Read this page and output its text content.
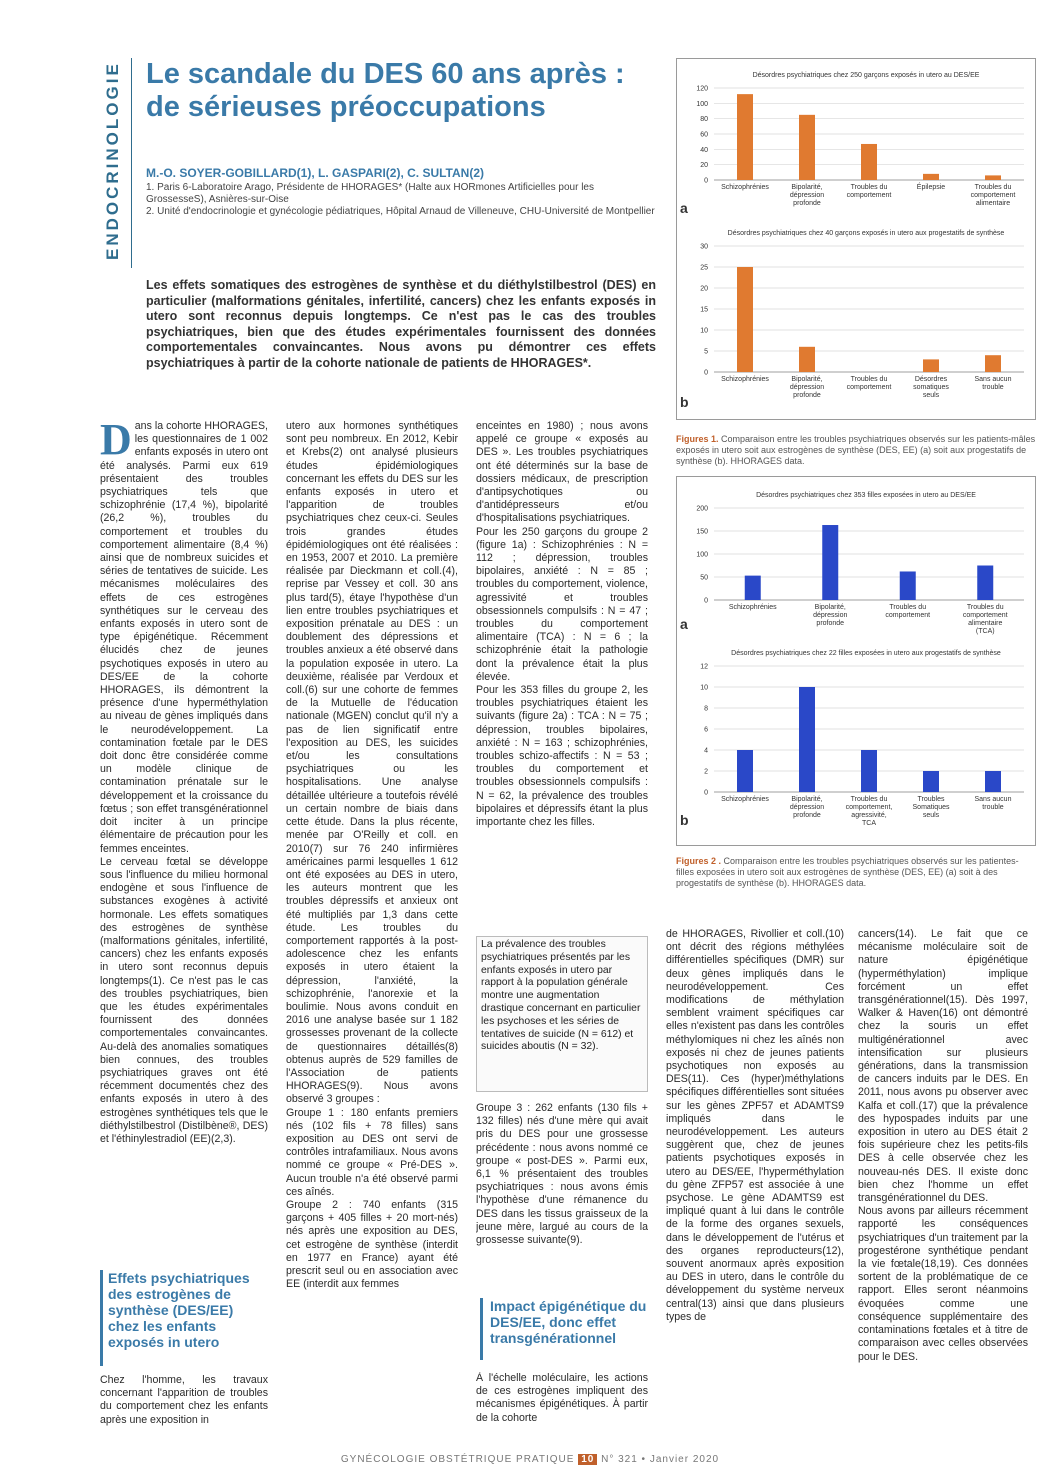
ENDOCRINOLOGIE Le scandale du DES 60 ans après : de sérieuses préoccupations
M.-O. SOYER-GOBILLARD(1), L. GASPARI(2), C. SULTAN(2)
1. Paris 6-Laboratoire Arago, Présidente de HHORAGES* (Halte aux HORmones Artificielles pour les GrossesseS), Asnières-sur-Oise
2. Unité d'endocrinologie et gynécologie pédiatriques, Hôpital Arnaud de Villeneuve, CHU-Université de Montpellier

Les effets somatiques des estrogènes de synthèse et du diéthylstilbestrol (DES) en particulier (malformations génitales, infertilité, cancers) chez les enfants exposés in utero sont reconnus depuis longtemps. Ce n'est pas le cas des troubles psychiatriques, bien que des études expérimentales fournissent des données comportementales convaincantes. Nous avons pu démontrer ces effets psychiatriques à partir de la cohorte nationale de patients de HHORAGES*.

Désordres psychiatriques chez 250 garçons exposés in utero au DES/EE
120
100
80
60
40
20
0
Schizophrénies	Bipolarité, dépression profonde
Troubles du comportement
Épilepsie	Troubles du comportement alimentaire
a
Désordres psychiatriques chez 40 garçons exposés in utero aux progestatifs de synthèse
30
25
20
15
10
5
0
Schizophrénies	Bipolarité, dépression profonde
Troubles du comportement
Désordres somatiques seuls
Sans aucun trouble
b
Figures 1. Comparaison entre les troubles psychiatriques observés sur les patients-mâles exposés in utero soit aux estrogènes de synthèse (DES, EE) (a) soit aux progestatifs de synthèse (b). HHORAGES data.
Désordres psychiatriques chez 353 filles exposées in utero au DES/EE
200
150
100
50
0
Schizophrénies	Bipolarité, dépression profonde
Troubles du comportement
Troubles du comportement alimentaire (TCA)
a
Désordres psychiatriques chez 22 filles exposées in utero aux progestatifs de synthèse
12
10
8
6
4
2
0
Schizophrénies	Bipolarité, dépression profonde
Troubles du comportement, agressivité, TCA
Troubles Somatiques seuls
Sans aucun trouble
b
Figures 2 . Comparaison entre les troubles psychiatriques observés sur les patientes-filles exposées in utero soit aux estrogènes de synthèse (DES, EE) (a) soit à des progestatifs de synthèse (b). HHORAGES data.
D ans la cohorte HHORAGES, les questionnaires de 1 002 enfants exposés in utero ont été analysés. Parmi eux 619 présentaient des troubles psychiatriques tels que schizophrénie (17,4 %), bipolarité (26,2 %), troubles du comportement et troubles du comportement alimentaire (8,4 %) ainsi que de nombreux suicides et séries de tentatives de suicide. Les mécanismes moléculaires des effets de ces estrogènes synthétiques sur le cerveau des enfants exposés in utero sont de type épigénétique. Récemment élucidés chez de jeunes psychotiques exposés in utero au DES/EE de la cohorte HHORAGES, ils démontrent la présence d'une hyperméthylation au niveau de gènes impliqués dans le neurodéveloppement. La contamination fœtale par le DES doit donc être considérée comme un modèle clinique de contamination prénatale sur le développement et la croissance du fœtus ; son effet transgénérationnel doit inciter à un principe élémentaire de précaution pour les femmes enceintes.

Le cerveau fœtal se développe sous l'influence du milieu hormonal endogène et sous l'influence de substances exogènes à activité hormonale. Les effets somatiques des estrogènes de synthèse (malformations génitales, infertilité, cancers) chez les enfants exposés in utero sont reconnus depuis longtemps(1). Ce n'est pas le cas des troubles psychiatriques, bien que les études expérimentales fournissent des données comportementales convaincantes. Au-delà des anomalies somatiques bien connues, des troubles psychiatriques graves ont été récemment documentés chez des enfants exposés in utero à des estrogènes synthétiques tels que le diéthylstilbestrol (Distilbène®, DES) et l'éthinylestradiol (EE)(2,3).

Effets psychiatriques des estrogènes de synthèse (DES/EE) chez les enfants exposés in utero

Chez l'homme, les travaux concernant l'apparition de troubles du comportement chez les enfants après une exposition in

utero aux hormones synthétiques sont peu nombreux. En 2012, Kebir et Krebs(2) ont analysé plusieurs études épidémiologiques concernant les effets du DES sur les enfants exposés in utero et l'apparition de troubles psychiatriques chez ceux-ci. Seules trois grandes études épidémiologiques ont été réalisées : en 1953, 2007 et 2010. La première réalisée par Dieckmann et coll.(4), reprise par Vessey et coll. 30 ans plus tard(5), étaye l'hypothèse d'un lien entre troubles psychiatriques et exposition prénatale au DES : un doublement des dépressions et troubles anxieux a été observé dans la population exposée in utero. La deuxième, réalisée par Verdoux et coll.(6) sur une cohorte de femmes de la Mutuelle de l'éducation nationale (MGEN) conclut qu'il n'y a pas de lien significatif entre l'exposition au DES, les suicides et/ou les consultations psychiatriques ou les hospitalisations. Une analyse détaillée ultérieure a toutefois révélé un certain nombre de biais dans cette étude. Dans la plus récente, menée par O'Reilly et coll. en 2010(7) sur 76 240 infirmières américaines parmi lesquelles 1 612 ont été exposées au DES in utero, les auteurs montrent que les troubles dépressifs et anxieux ont été multipliés par 1,3 dans cette étude. Les troubles du comportement rapportés à la post-adolescence chez les enfants exposés in utero étaient la dépression, l'anxiété, la schizophrénie, l'anorexie et la boulimie. Nous avons conduit en 2016 une analyse basée sur 1 182 grossesses provenant de la collecte de questionnaires détaillés(8) obtenus auprès de 529 familles de l'Association de patients HHORAGES(9). Nous avons observé 3 groupes :

Groupe 1 : 180 enfants premiers nés (102 fils + 78 filles) sans exposition au DES ont servi de contrôles intrafamiliaux. Nous avons nommé ce groupe « Pré-DES ». Aucun trouble n'a été observé parmi ces aînés.

Groupe 2 : 740 enfants (315 garçons + 405 filles + 20 mort-nés) nés après une exposition au DES, cet estrogène de synthèse (interdit en 1977 en France) ayant été prescrit seul ou en association avec EE (interdit aux femmes

enceintes en 1980) ; nous avons appelé ce groupe « exposés au DES ». Les troubles psychiatriques ont été déterminés sur la base de dossiers médicaux, de prescription d'antipsychotiques ou d'antidépresseurs et/ou d'hospitalisations psychiatriques.

Pour les 250 garçons du groupe 2 (figure 1a) : Schizophrénies : N = 112 ; dépression, troubles bipolaires, anxiété : N = 85 ; troubles du comportement, violence, agressivité et troubles obsessionnels compulsifs : N = 47 ; troubles du comportement alimentaire (TCA) : N = 6 ; la schizophrénie était la pathologie dont la prévalence était la plus élevée.

Pour les 353 filles du groupe 2, les troubles psychiatriques étaient les suivants (figure 2a) : TCA : N = 75 ; dépression, troubles bipolaires, anxiété : N = 163 ; schizophrénies, troubles schizo-affectifs : N = 53 ; troubles du comportement et troubles obsessionnels compulsifs : N = 62, la prévalence des troubles bipolaires et dépressifs étant la plus importante chez les filles.

La prévalence des troubles psychiatriques présentés par les enfants exposés in utero par rapport à la population générale montre une augmentation drastique concernant en particulier les psychoses et les séries de tentatives de suicide (N = 612) et suicides aboutis (N = 32).

Groupe 3 : 262 enfants (130 fils + 132 filles) nés d'une mère qui avait pris du DES pour une grossesse précédente : nous avons nommé ce groupe « post-DES ». Parmi eux, 6,1 % présentaient des troubles psychiatriques : nous avons émis l'hypothèse d'une rémanence du DES dans les tissus graisseux de la jeune mère, largué au cours de la grossesse suivante(9).

Impact épigénétique du DES/EE, donc effet transgénérationnel

À l'échelle moléculaire, les actions de ces estrogènes impliquent des mécanismes épigénétiques. À partir de la cohorte

de HHORAGES, Rivollier et coll.(10) ont décrit des régions méthylées différentielles spécifiques (DMR) sur deux gènes impliqués dans le neurodéveloppement. Ces modifications de méthylation semblent vraiment spécifiques car elles n'existent pas dans les contrôles méthylomiques ni chez les aînés non exposés ni chez de jeunes patients psychotiques non exposés au DES(11). Ces (hyper)méthylations spécifiques différentielles sont situées sur les gènes ZPF57 et ADAMTS9 impliqués dans le neurodéveloppement. Les auteurs suggèrent que, chez de jeunes patients psychotiques exposés in utero au DES/EE, l'hyperméthylation du gène ZFP57 est associée à une psychose. Le gène ADAMTS9 est impliqué quant à lui dans le contrôle de la forme des organes sexuels, dans le développement de l'utérus et des organes reproducteurs(12), souvent anormaux après exposition au DES in utero, dans le contrôle du développement du système nerveux central(13) ainsi que dans plusieurs types de

cancers(14). Le fait que ce mécanisme moléculaire soit de nature épigénétique (hyperméthylation) implique forcément un effet transgénérationnel(15). Dès 1997, Walker & Haven(16) ont démontré chez la souris un effet multigénérationnel avec intensification sur plusieurs générations, dans la transmission de cancers induits par le DES. En 2011, nous avons pu observer avec Kalfa et coll.(17) que la prévalence des hypospades induits par une exposition in utero au DES était 2 fois supérieure chez les petits-fils DES à celle observée chez les nouveau-nés DES. Il existe donc bien chez l'homme un effet transgénérationnel du DES.

Nous avons par ailleurs récemment rapporté les conséquences psychiatriques d'un traitement par la progestérone synthétique pendant la vie fœtale(18,19). Ces données sortent de la problématique de ce rapport. Elles seront néanmoins évoquées comme une conséquence supplémentaire des contaminations fœtales et à titre de comparaison avec celles observées pour le DES.

GYNÉCOLOGIE OBSTÉTRIQUE PRATIQUE 10 N° 321 • Janvier 2020
